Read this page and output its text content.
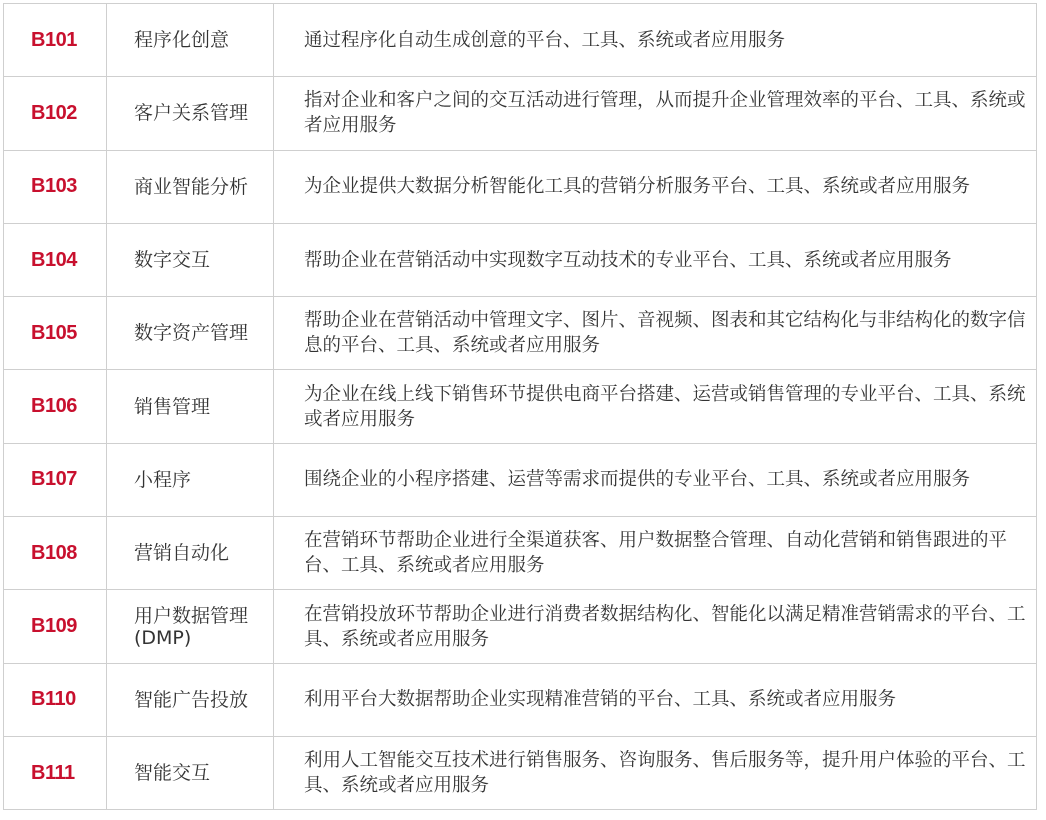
B101	程序化创意	通过程序化自动生成创意的平台、工具、系统或者应用服务
B102	客户关系管理	指对企业和客户之间的交互活动进行管理，从而提升企业管理效率的平台、工具、系统或者应用服务
B103	商业智能分析	为企业提供大数据分析智能化工具的营销分析服务平台、工具、系统或者应用服务
B104	数字交互	帮助企业在营销活动中实现数字互动技术的专业平台、工具、系统或者应用服务
B105	数字资产管理	帮助企业在营销活动中管理文字、图片、音视频、图表和其它结构化与非结构化的数字信息的平台、工具、系统或者应用服务
B106	销售管理	为企业在线上线下销售环节提供电商平台搭建、运营或销售管理的专业平台、工具、系统或者应用服务
B107	小程序	围绕企业的小程序搭建、运营等需求而提供的专业平台、工具、系统或者应用服务
B108	营销自动化	在营销环节帮助企业进行全渠道获客、用户数据整合管理、自动化营销和销售跟进的平台、工具、系统或者应用服务
B109	用户数据管理(DMP)	在营销投放环节帮助企业进行消费者数据结构化、智能化以满足精准营销需求的平台、工具、系统或者应用服务
B110	智能广告投放	利用平台大数据帮助企业实现精准营销的平台、工具、系统或者应用服务
B111	智能交互	利用人工智能交互技术进行销售服务、咨询服务、售后服务等，提升用户体验的平台、工具、系统或者应用服务
